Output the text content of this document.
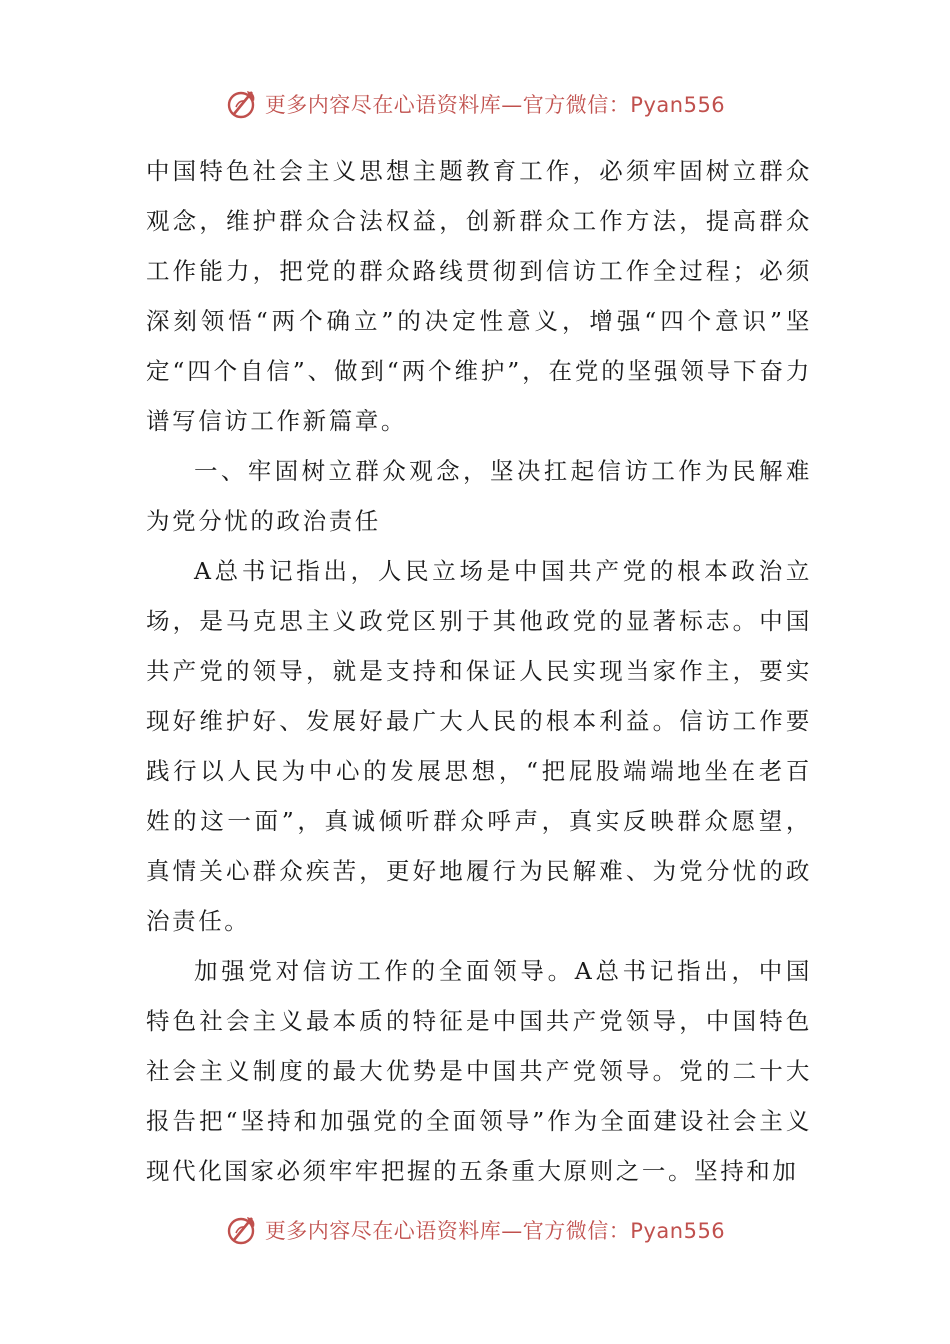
更多内容尽在心语资料库—官方微信：Pyan556

中国特色社会主义思想主题教育工作，必须牢固树立群众观念，维护群众合法权益，创新群众工作方法，提高群众工作能力，把党的群众路线贯彻到信访工作全过程；必须深刻领悟“两个确立”的决定性意义，增强“四个意识”坚定“四个自信”、做到“两个维护”，在党的坚强领导下奋力谱写信访工作新篇章。

一、牢固树立群众观念，坚决扛起信访工作为民解难为党分忧的政治责任

A总书记指出，人民立场是中国共产党的根本政治立场，是马克思主义政党区别于其他政党的显著标志。中国共产党的领导，就是支持和保证人民实现当家作主，要实现好维护好、发展好最广大人民的根本利益。信访工作要践行以人民为中心的发展思想，“把屁股端端地坐在老百姓的这一面”，真诚倾听群众呼声，真实反映群众愿望，真情关心群众疾苦，更好地履行为民解难、为党分忧的政治责任。

加强党对信访工作的全面领导。A总书记指出，中国特色社会主义最本质的特征是中国共产党领导，中国特色社会主义制度的最大优势是中国共产党领导。党的二十大报告把“坚持和加强党的全面领导”作为全面建设社会主义现代化国家必须牢牢把握的五条重大原则之一。坚持和加

更多内容尽在心语资料库—官方微信：Pyan556
